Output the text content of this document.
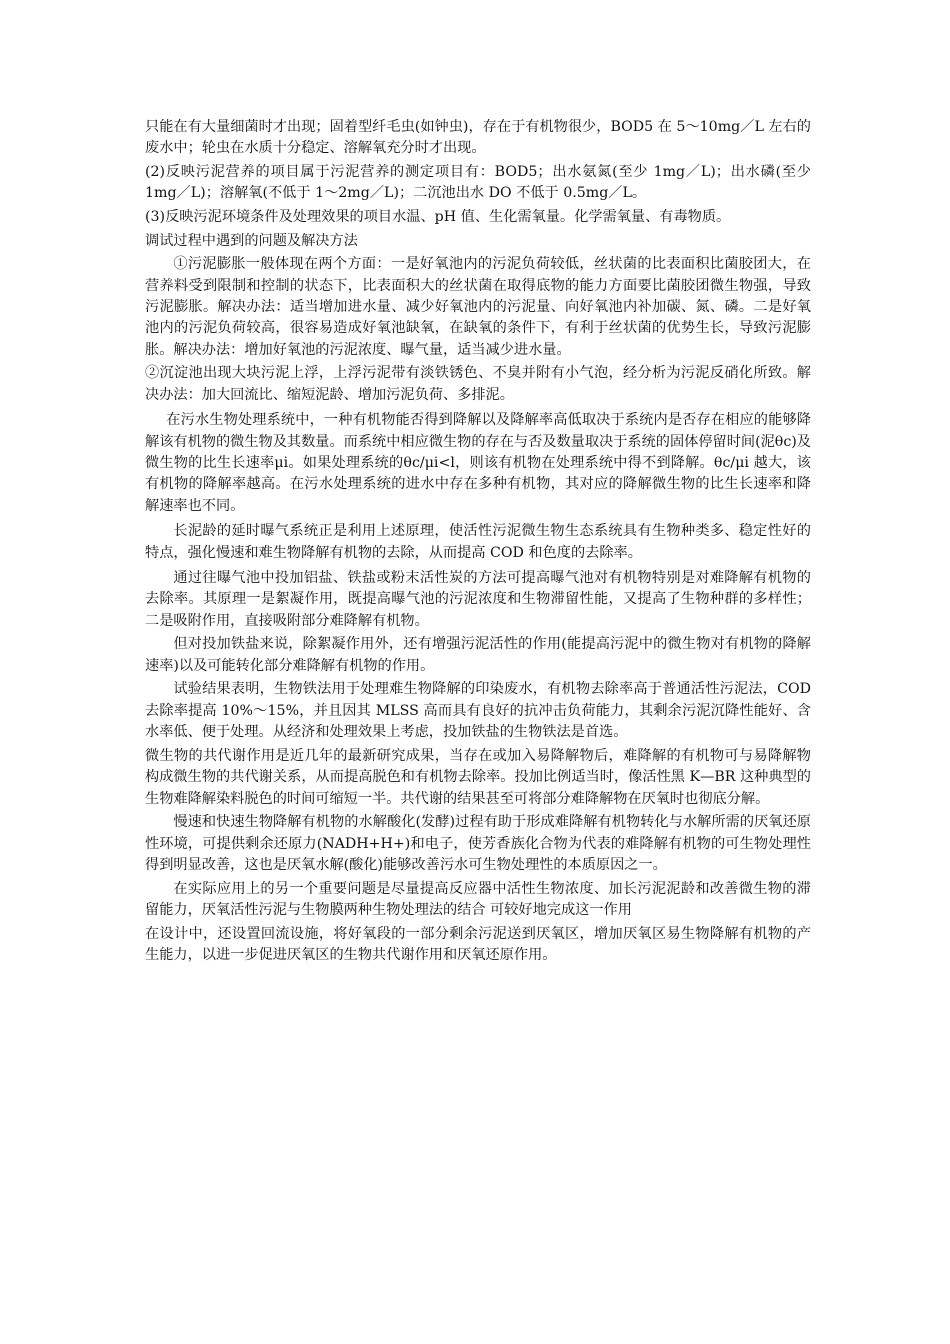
只能在有大量细菌时才出现；固着型纤毛虫(如钟虫)，存在于有机物很少，BOD5 在 5～10mg／L 左右的废水中；轮虫在水质十分稳定、溶解氧充分时才出现。

(2)反映污泥营养的项目属于污泥营养的测定项目有：BOD5；出水氨氮(至少 1mg／L)；出水磷(至少 1mg／L)；溶解氧(不低于 1～2mg／L)；二沉池出水 DO 不低于 0.5mg／L。

(3)反映污泥环境条件及处理效果的项目水温、pH 值、生化需氧量。化学需氧量、有毒物质。

调试过程中遇到的问题及解决方法

①污泥膨胀一般体现在两个方面：一是好氧池内的污泥负荷较低，丝状菌的比表面积比菌胶团大，在营养料受到限制和控制的状态下，比表面积大的丝状菌在取得底物的能力方面要比菌胶团微生物强，导致污泥膨胀。解决办法：适当增加进水量、减少好氧池内的污泥量、向好氧池内补加碳、氮、磷。二是好氧池内的污泥负荷较高，很容易造成好氧池缺氧，在缺氧的条件下，有利于丝状菌的优势生长，导致污泥膨胀。解决办法：增加好氧池的污泥浓度、曝气量，适当减少进水量。

②沉淀池出现大块污泥上浮，上浮污泥带有淡铁锈色、不臭并附有小气泡，经分析为污泥反硝化所致。解决办法：加大回流比、缩短泥龄、增加污泥负荷、多排泥。

在污水生物处理系统中，一种有机物能否得到降解以及降解率高低取决于系统内是否存在相应的能够降解该有机物的微生物及其数量。而系统中相应微生物的存在与否及数量取决于系统的固体停留时间(泥θc)及微生物的比生长速率μi。如果处理系统的θc/μi<l，则该有机物在处理系统中得不到降解。θc/μi 越大，该有机物的降解率越高。在污水处理系统的进水中存在多种有机物，其对应的降解微生物的比生长速率和降解速率也不同。

长泥龄的延时曝气系统正是利用上述原理，使活性污泥微生物生态系统具有生物种类多、稳定性好的特点，强化慢速和难生物降解有机物的去除，从而提高 COD 和色度的去除率。

通过往曝气池中投加铝盐、铁盐或粉末活性炭的方法可提高曝气池对有机物特别是对难降解有机物的去除率。其原理一是絮凝作用，既提高曝气池的污泥浓度和生物滞留性能，又提高了生物种群的多样性；二是吸附作用，直接吸附部分难降解有机物。

但对投加铁盐来说，除絮凝作用外，还有增强污泥活性的作用(能提高污泥中的微生物对有机物的降解速率)以及可能转化部分难降解有机物的作用。

试验结果表明，生物铁法用于处理难生物降解的印染废水，有机物去除率高于普通活性污泥法，COD 去除率提高 10%～15%，并且因其 MLSS 高而具有良好的抗冲击负荷能力，其剩余污泥沉降性能好、含水率低、便于处理。从经济和处理效果上考虑，投加铁盐的生物铁法是首选。

微生物的共代谢作用是近几年的最新研究成果，当存在或加入易降解物后，难降解的有机物可与易降解物构成微生物的共代谢关系，从而提高脱色和有机物去除率。投加比例适当时，像活性黑 K—BR 这种典型的生物难降解染料脱色的时间可缩短一半。共代谢的结果甚至可将部分难降解物在厌氧时也彻底分解。

慢速和快速生物降解有机物的水解酸化(发酵)过程有助于形成难降解有机物转化与水解所需的厌氧还原性环境，可提供剩余还原力(NADH+H+)和电子，使芳香族化合物为代表的难降解有机物的可生物处理性得到明显改善，这也是厌氧水解(酸化)能够改善污水可生物处理性的本质原因之一。

在实际应用上的另一个重要问题是尽量提高反应器中活性生物浓度、加长污泥泥龄和改善微生物的滞留能力，厌氧活性污泥与生物膜两种生物处理法的结合 可较好地完成这一作用

在设计中，还设置回流设施，将好氧段的一部分剩余污泥送到厌氧区，增加厌氧区易生物降解有机物的产生能力，以进一步促进厌氧区的生物共代谢作用和厌氧还原作用。
